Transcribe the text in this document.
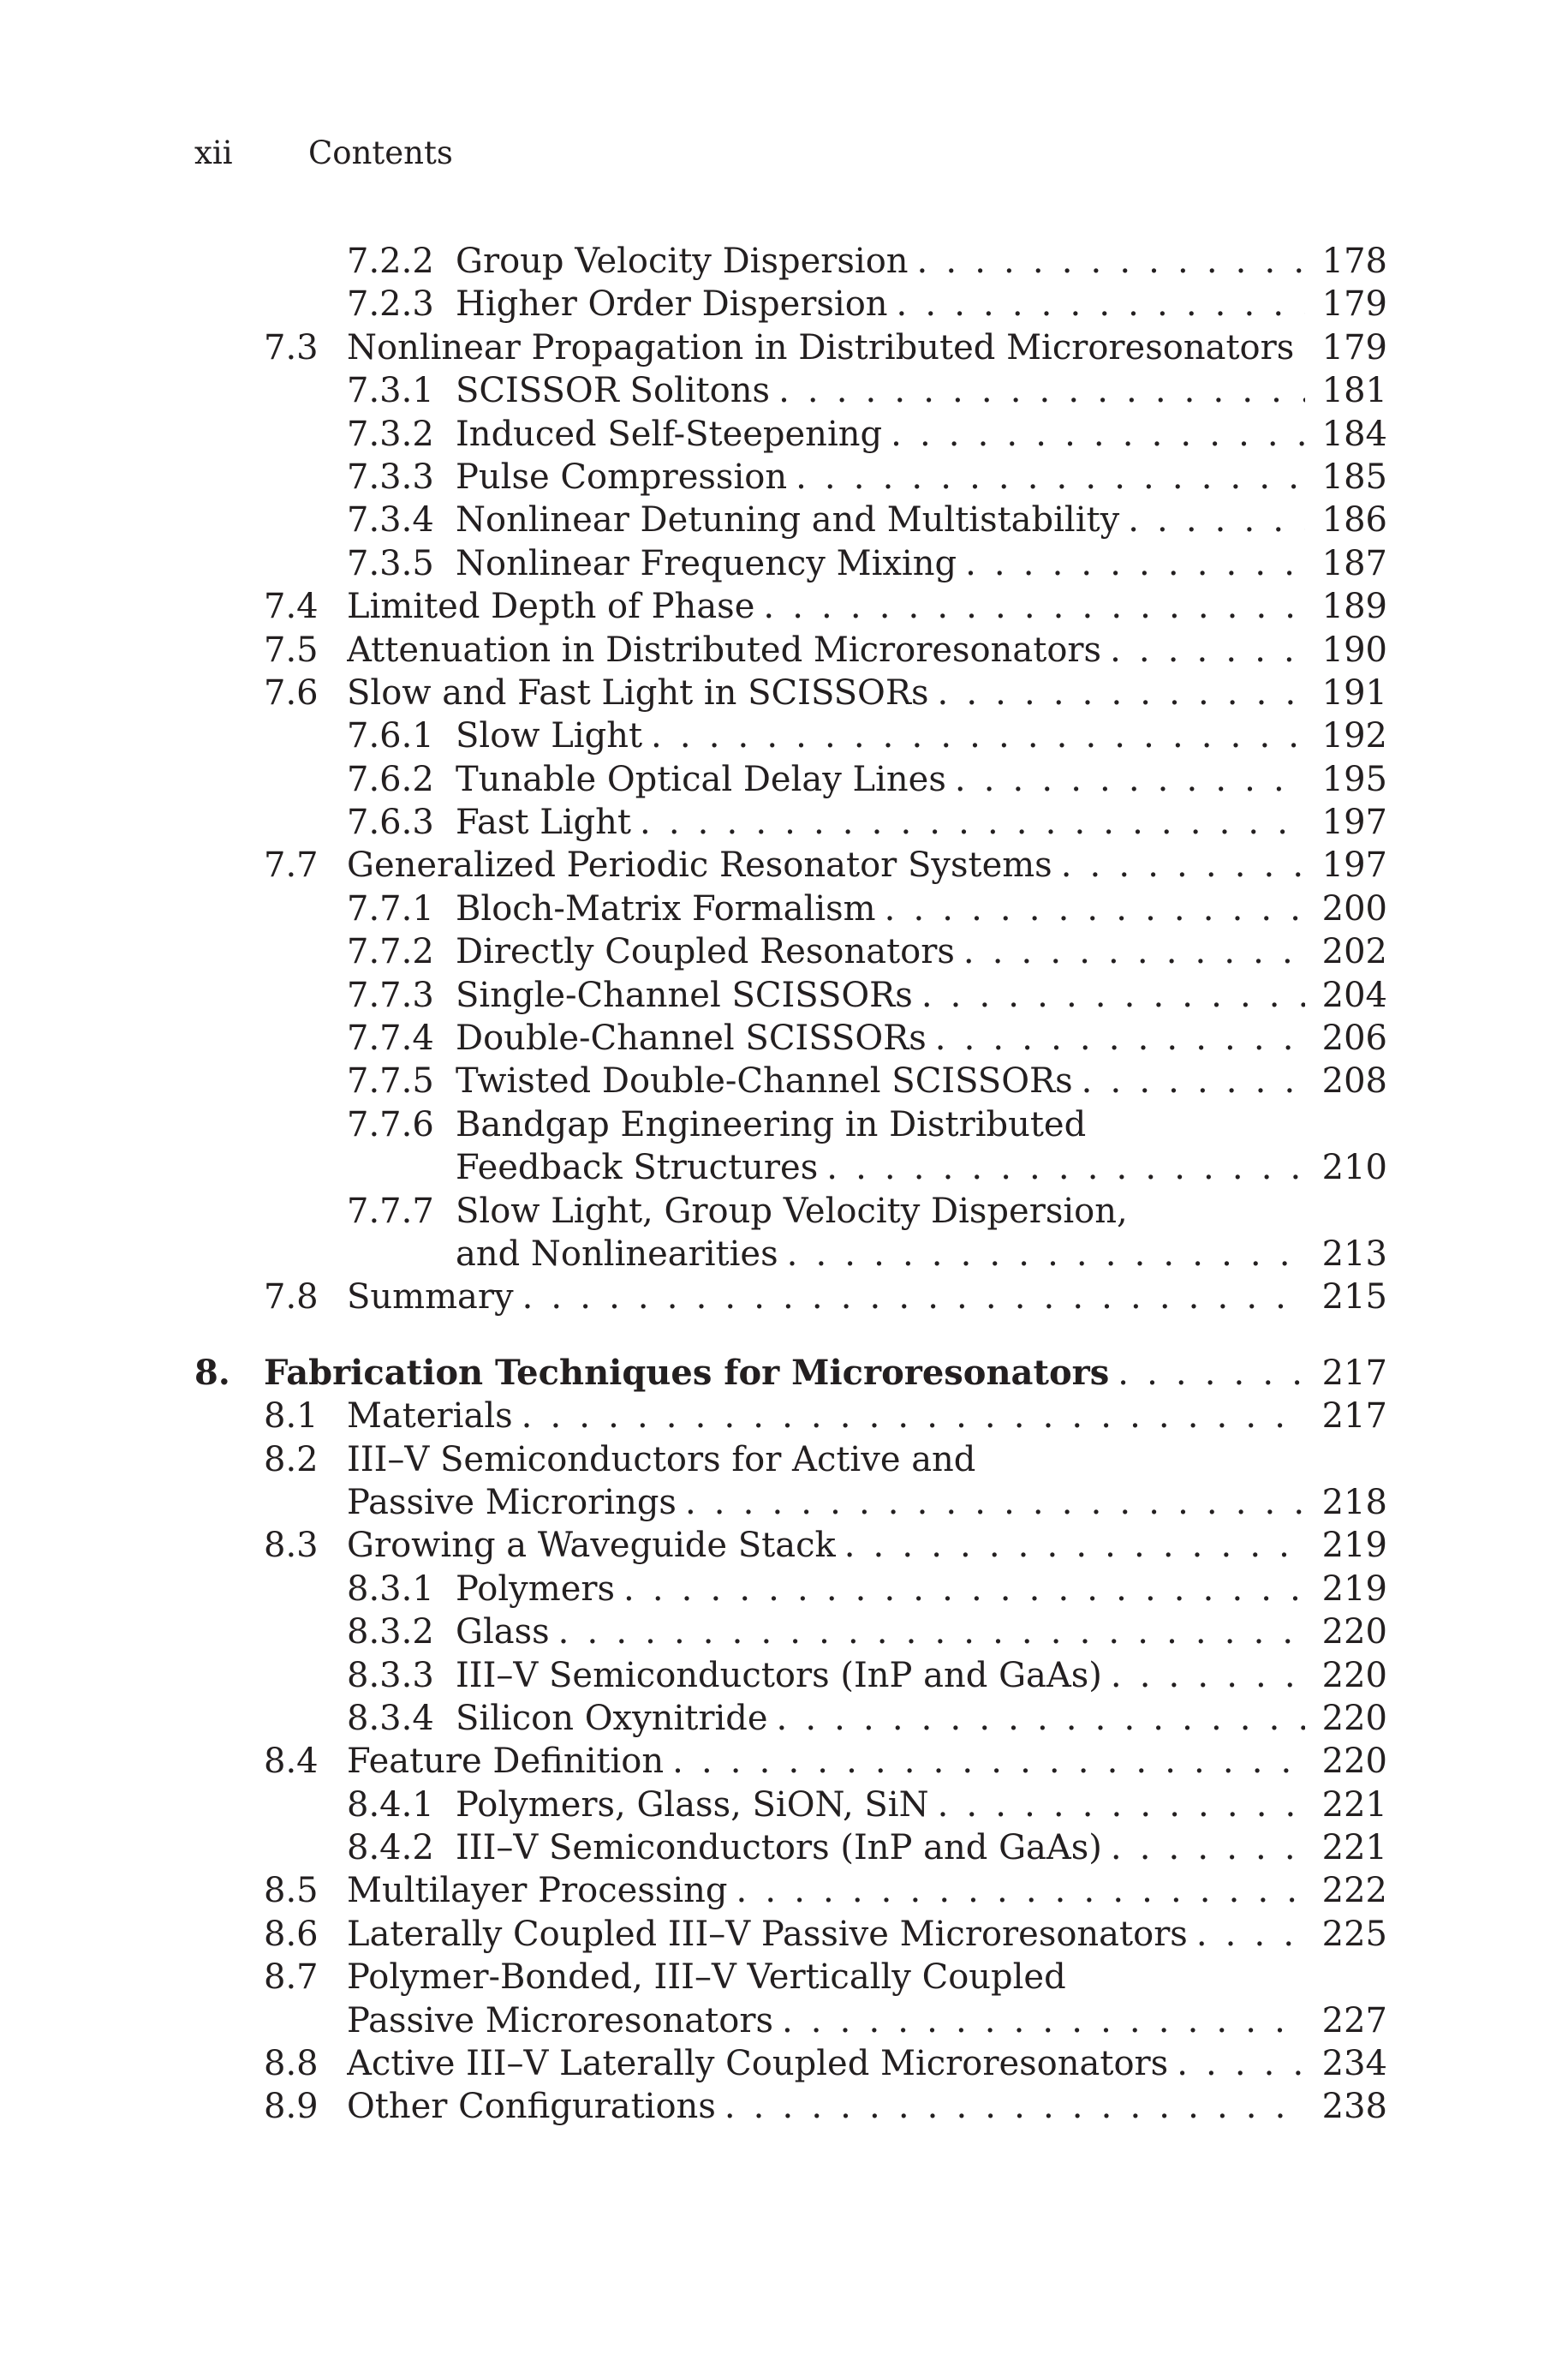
xii Contents
7.2.2 Group Velocity Dispersion . . .	178
7.2.3 Higher Order Dispersion . . .	179
7.3 Nonlinear Propagation in Distributed Microresonators . . . 179
7.3.1 SCISSOR Solitons . . .	181
7.3.2 Induced Self-Steepening . . .	184
7.3.3 Pulse Compression . . .	185
7.3.4 Nonlinear Detuning and Multistability . . .	186
7.3.5 Nonlinear Frequency Mixing . . .	187
7.4 Limited Depth of Phase . . .	189
7.5 Attenuation in Distributed Microresonators . . .	190
7.6 Slow and Fast Light in SCISSORs . . .	191
7.6.1 Slow Light . . .	192
7.6.2 Tunable Optical Delay Lines . . .	195
7.6.3 Fast Light . . .	197
7.7 Generalized Periodic Resonator Systems . . .	197
7.7.1 Bloch-Matrix Formalism . . .	200
7.7.2 Directly Coupled Resonators . . .	202
7.7.3 Single-Channel SCISSORs . . .	204
7.7.4 Double-Channel SCISSORs . . .	206
7.7.5 Twisted Double-Channel SCISSORs . . .	208
7.7.6 Bandgap Engineering in Distributed
Feedback Structures . . .	210
7.7.7 Slow Light, Group Velocity Dispersion,
and Nonlinearities . . .	213
7.8 Summary . . .	215
8. Fabrication Techniques for Microresonators . . .	217
8.1 Materials . . .	217
8.2 III–V Semiconductors for Active and
Passive Microrings . . .	218
8.3 Growing a Waveguide Stack . . .	219
8.3.1 Polymers . . .	219
8.3.2 Glass . . .	220
8.3.3 III–V Semiconductors (InP and GaAs) . . .	220
8.3.4 Silicon Oxynitride . . .	220
8.4 Feature Definition . . .	220
8.4.1 Polymers, Glass, SiON, SiN . . .	221
8.4.2 III–V Semiconductors (InP and GaAs) . . .	221
8.5 Multilayer Processing . . .	222
8.6 Laterally Coupled III–V Passive Microresonators . . .	225
8.7 Polymer-Bonded, III–V Vertically Coupled
Passive Microresonators . . .	227
8.8 Active III–V Laterally Coupled Microresonators . . .	234
8.9 Other Configurations . . .	238
